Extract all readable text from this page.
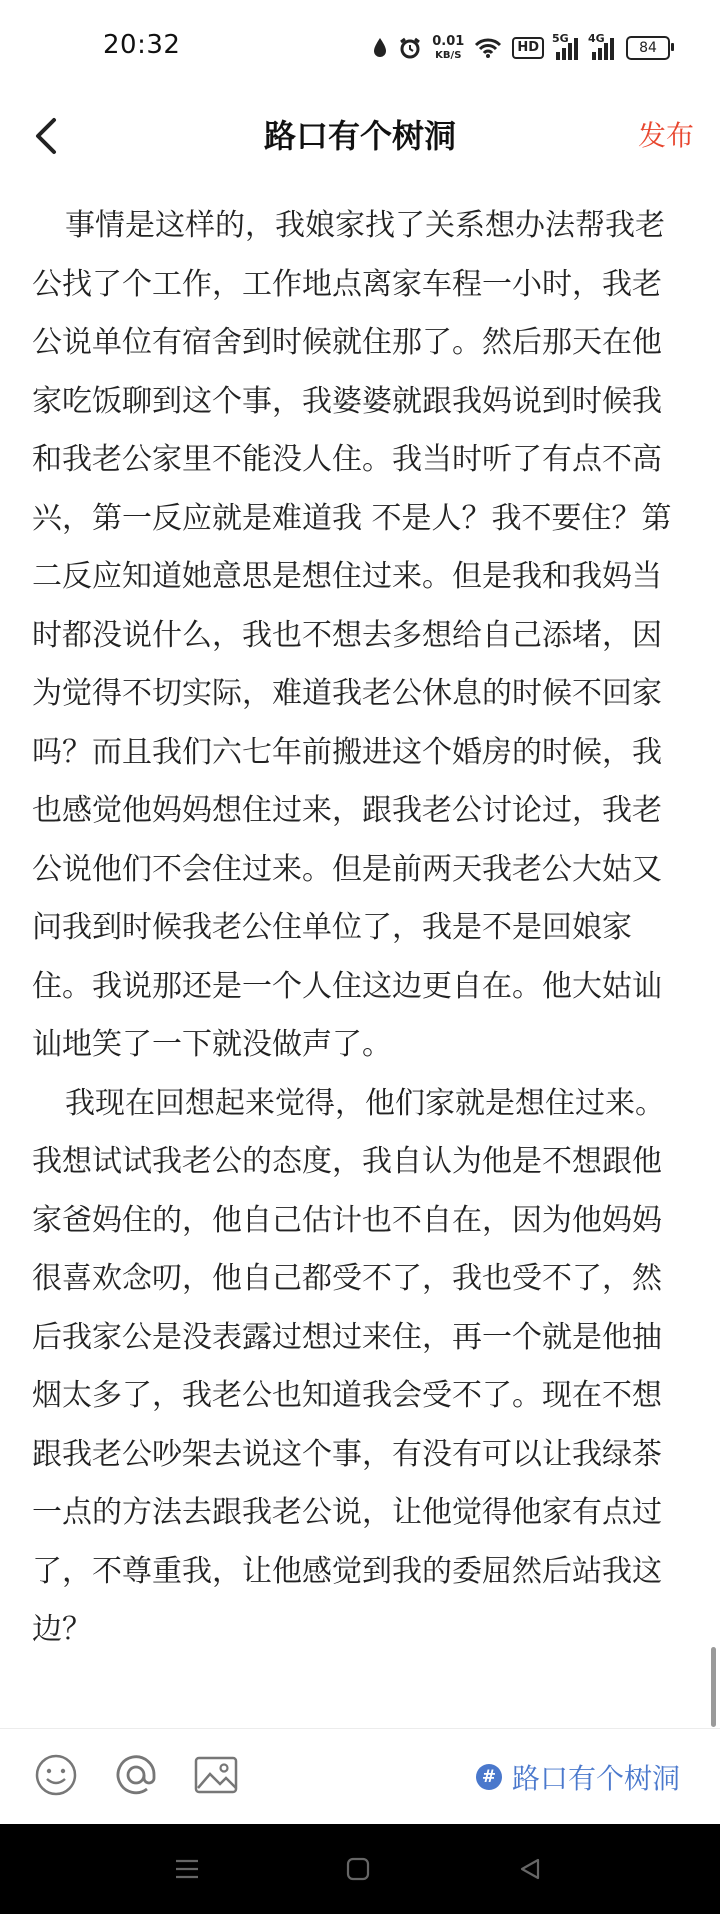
20:32	0.01
KB/S	HD
5G 4G
84
路口有个树洞	发布

事情是这样的，我娘家找了关系想办法帮我老公找了个工作，工作地点离家车程一小时，我老公说单位有宿舍到时候就住那了。然后那天在他家吃饭聊到这个事，我婆婆就跟我妈说到时候我和我老公家里不能没人住。我当时听了有点不高兴，第一反应就是难道我 不是人？我不要住？第二反应知道她意思是想住过来。但是我和我妈当时都没说什么，我也不想去多想给自己添堵，因为觉得不切实际，难道我老公休息的时候不回家吗？而且我们六七年前搬进这个婚房的时候，我也感觉他妈妈想住过来，跟我老公讨论过，我老公说他们不会住过来。但是前两天我老公大姑又问我到时候我老公住单位了，我是不是回娘家住。我说那还是一个人住这边更自在。他大姑讪讪地笑了一下就没做声了。

我现在回想起来觉得，他们家就是想住过来。我想试试我老公的态度，我自认为他是不想跟他家爸妈住的，他自己估计也不自在，因为他妈妈很喜欢念叨，他自己都受不了，我也受不了，然后我家公是没表露过想过来住，再一个就是他抽烟太多了，我老公也知道我会受不了。现在不想跟我老公吵架去说这个事，有没有可以让我绿茶一点的方法去跟我老公说，让他觉得他家有点过了，不尊重我，让他感觉到我的委屈然后站我这边？

# 路口有个树洞
